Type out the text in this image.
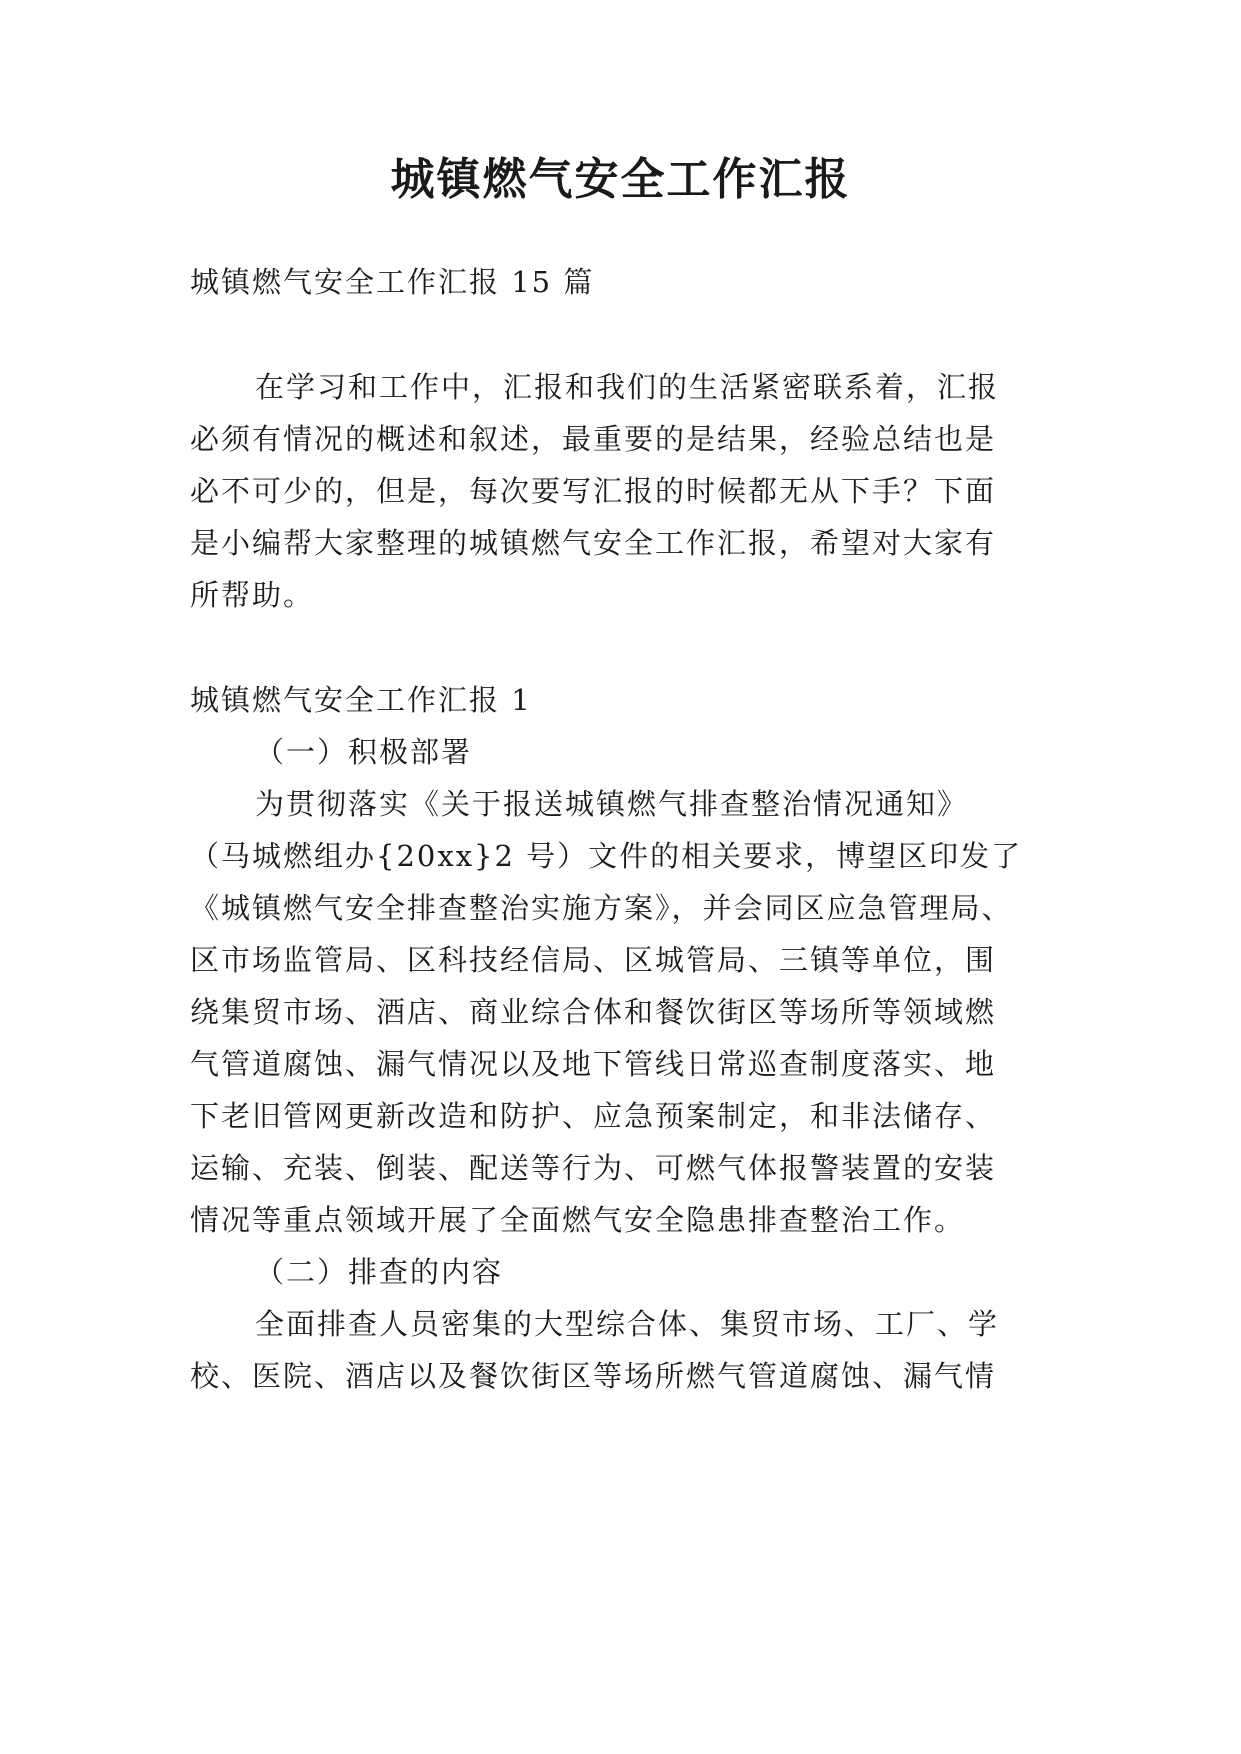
城镇燃气安全工作汇报
城镇燃气安全工作汇报 15 篇
在学习和工作中，汇报和我们的生活紧密联系着，汇报
必须有情况的概述和叙述，最重要的是结果，经验总结也是
必不可少的，但是，每次要写汇报的时候都无从下手？下面
是小编帮大家整理的城镇燃气安全工作汇报，希望对大家有
所帮助。
城镇燃气安全工作汇报 1
（一）积极部署
为贯彻落实《关于报送城镇燃气排查整治情况通知》
（马城燃组办{20xx}2 号）文件的相关要求，博望区印发了
《城镇燃气安全排查整治实施方案》，并会同区应急管理局、
区市场监管局、区科技经信局、区城管局、三镇等单位，围
绕集贸市场、酒店、商业综合体和餐饮街区等场所等领域燃
气管道腐蚀、漏气情况以及地下管线日常巡查制度落实、地
下老旧管网更新改造和防护、应急预案制定，和非法储存、
运输、充装、倒装、配送等行为、可燃气体报警装置的安装
情况等重点领域开展了全面燃气安全隐患排查整治工作。
（二）排查的内容
全面排查人员密集的大型综合体、集贸市场、工厂、学
校、医院、酒店以及餐饮街区等场所燃气管道腐蚀、漏气情
